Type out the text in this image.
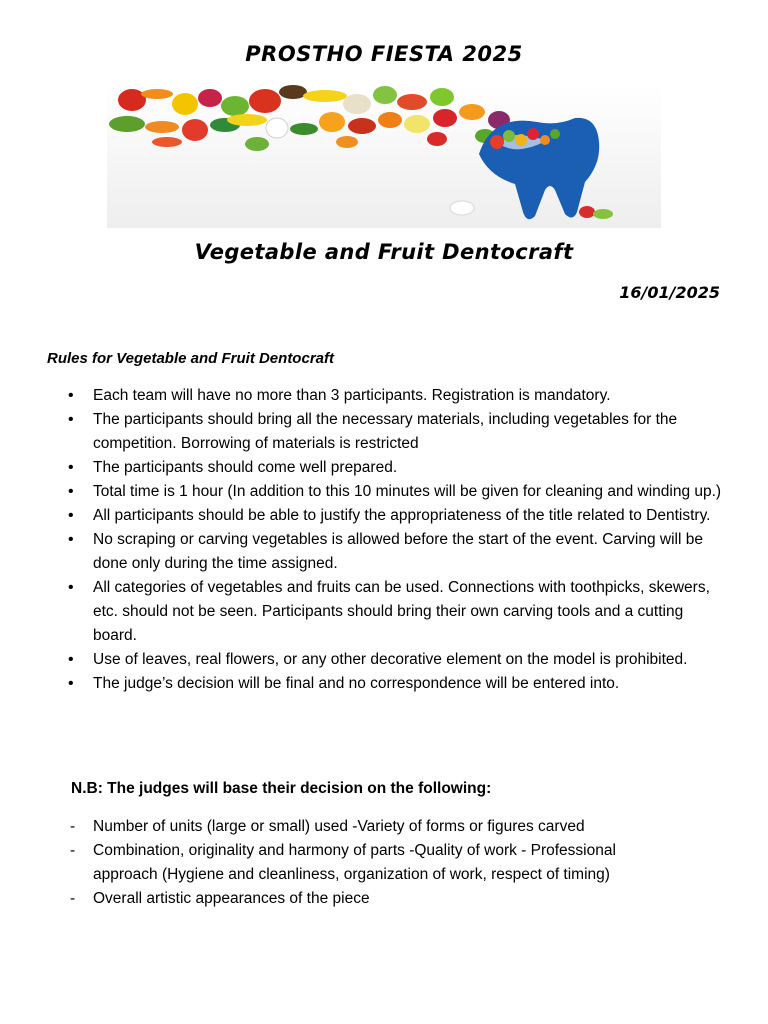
PROSTHO FIESTA 2025
Vegetable and Fruit Dentocraft
16/01/2025
Rules for Vegetable and Fruit Dentocraft
• Each team will have no more than 3 participants. Registration is mandatory.
• The participants should bring all the necessary materials, including vegetables for the competition. Borrowing of materials is restricted
• The participants should come well prepared.
• Total time is 1 hour (In addition to this 10 minutes will be given for cleaning and winding up.)
• All participants should be able to justify the appropriateness of the title related to Dentistry.
• No scraping or carving vegetables is allowed before the start of the event. Carving will be done only during the time assigned.
• All categories of vegetables and fruits can be used. Connections with toothpicks, skewers, etc. should not be seen. Participants should bring their own carving tools and a cutting board.
• Use of leaves, real flowers, or any other decorative element on the model is prohibited.
• The judge’s decision will be final and no correspondence will be entered into.
N.B: The judges will base their decision on the following:
- Number of units (large or small) used -Variety of forms or figures carved
- Combination, originality and harmony of parts -Quality of work - Professional approach (Hygiene and cleanliness, organization of work, respect of timing)
- Overall artistic appearances of the piece
